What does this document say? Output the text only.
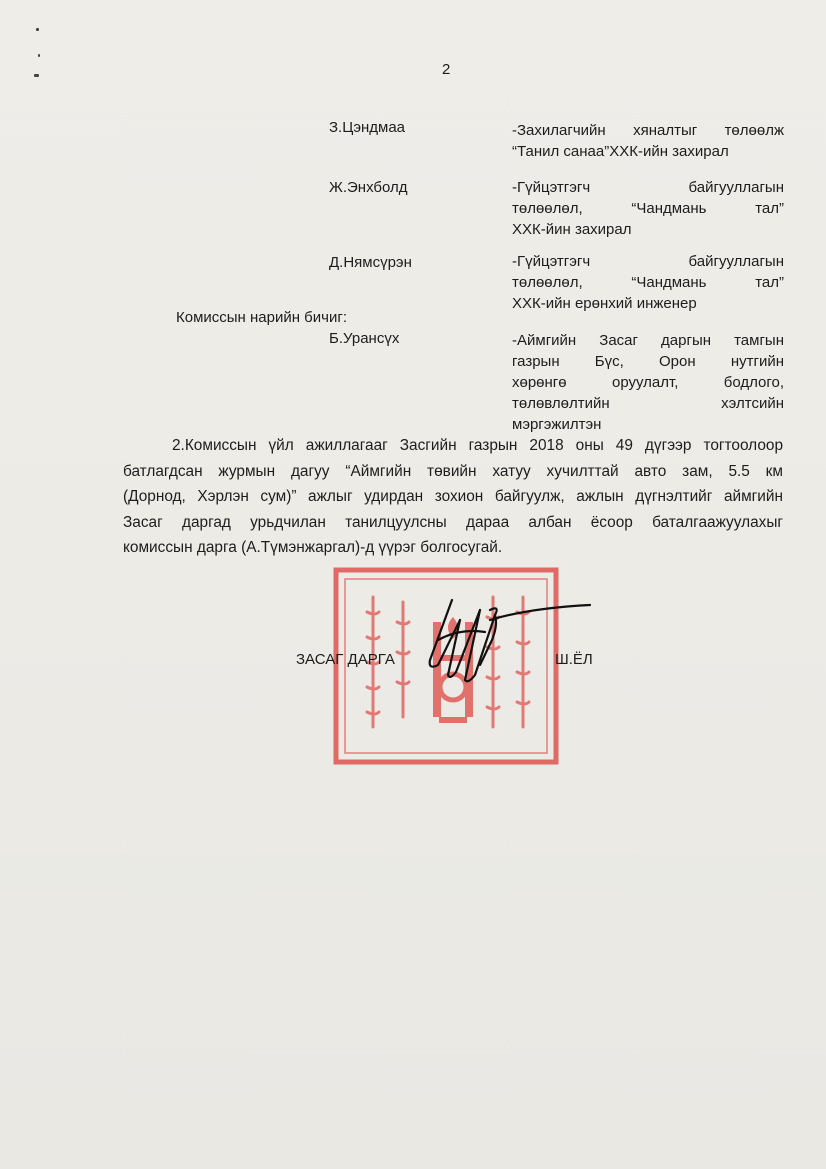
2
З.Цэндмаа	-Захилагчийн хяналтыг төлөөлж
“Танил санаа”ХХК-ийн захирал
Ж.Энхболд	-Гүйцэтгэгч байгууллагын
төлөөлөл, “Чандмань тал”
ХХК-йин захирал
Д.Нямсүрэн	-Гүйцэтгэгч байгууллагын
төлөөлөл, “Чандмань тал”
ХХК-ийн ерөнхий инженер
Комиссын нарийн бичиг:
Б.Урансүх	-Аймгийн Засаг даргын тамгын
газрын Бүс, Орон нутгийн
хөрөнгө оруулалт, бодлого,
төлөвлөлтийн хэлтсийн
мэргэжилтэн
2.Комиссын үйл ажиллагааг Засгийн газрын 2018 оны 49 дүгээр тогтоолоор
батлагдсан журмын дагуу “Аймгийн төвийн хатуу хучилттай авто зам, 5.5 км
(Дорнод, Хэрлэн сум)” ажлыг удирдан зохион байгуулж, ажлын дүгнэлтийг аймгийн
Засаг даргад урьдчилан танилцуулсны дараа албан ёсоор баталгаажуулахыг
комиссын дарга (А.Түмэнжаргал)-д үүрэг болгосугай.
ЗАСАГ ДАРГА	Ш.ЁЛ
